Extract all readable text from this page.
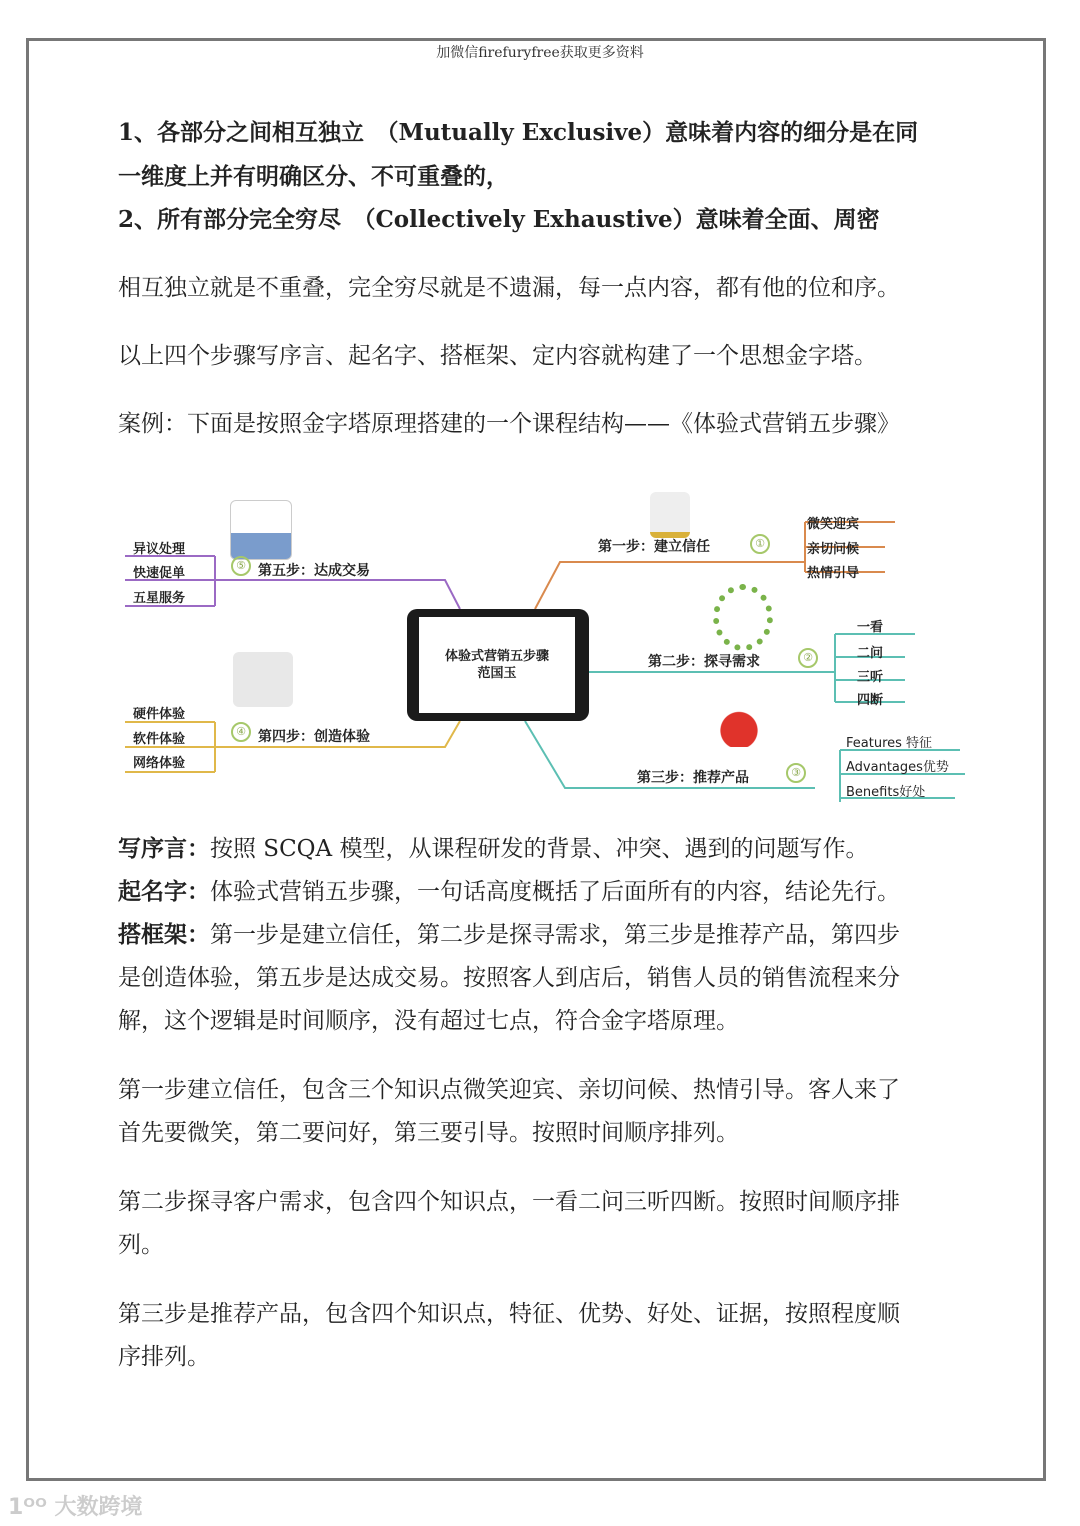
加微信firefuryfree获取更多资料
1、各部分之间相互独立　（Mutually Exclusive）意味着内容的细分是在同
一维度上并有明确区分、不可重叠的，
2、所有部分完全穷尽　（Collectively Exhaustive）意味着全面、周密
相互独立就是不重叠，完全穷尽就是不遗漏，每一点内容，都有他的位和序。
以上四个步骤写序言、起名字、搭框架、定内容就构建了一个思想金字塔。
案例：下面是按照金字塔原理搭建的一个课程结构——《体验式营销五步骤》
体验式营销五步骤
范国玉
第一步：建立信任	①
微笑迎宾
亲切问候
热情引导
第二步：探寻需求	②
一看
二问
三听
四断
第三步：推荐产品	③
Features 特征
Advantages优势
Benefits好处
第四步：创造体验
④
硬件体验
软件体验
网络体验
第五步：达成交易
⑤
异议处理
快速促单
五星服务
写序言：按照 SCQA 模型，从课程研发的背景、冲突、遇到的问题写作。
起名字：体验式营销五步骤，一句话高度概括了后面所有的内容，结论先行。
搭框架：第一步是建立信任，第二步是探寻需求，第三步是推荐产品，第四步
是创造体验，第五步是达成交易。按照客人到店后，销售人员的销售流程来分
解，这个逻辑是时间顺序，没有超过七点，符合金字塔原理。
第一步建立信任，包含三个知识点微笑迎宾、亲切问候、热情引导。客人来了
首先要微笑，第二要问好，第三要引导。按照时间顺序排列。
第二步探寻客户需求，包含四个知识点，一看二问三听四断。按照时间顺序排
列。
第三步是推荐产品，包含四个知识点，特征、优势、好处、证据，按照程度顺
序排列。
1ᴼᴼ 大数跨境
